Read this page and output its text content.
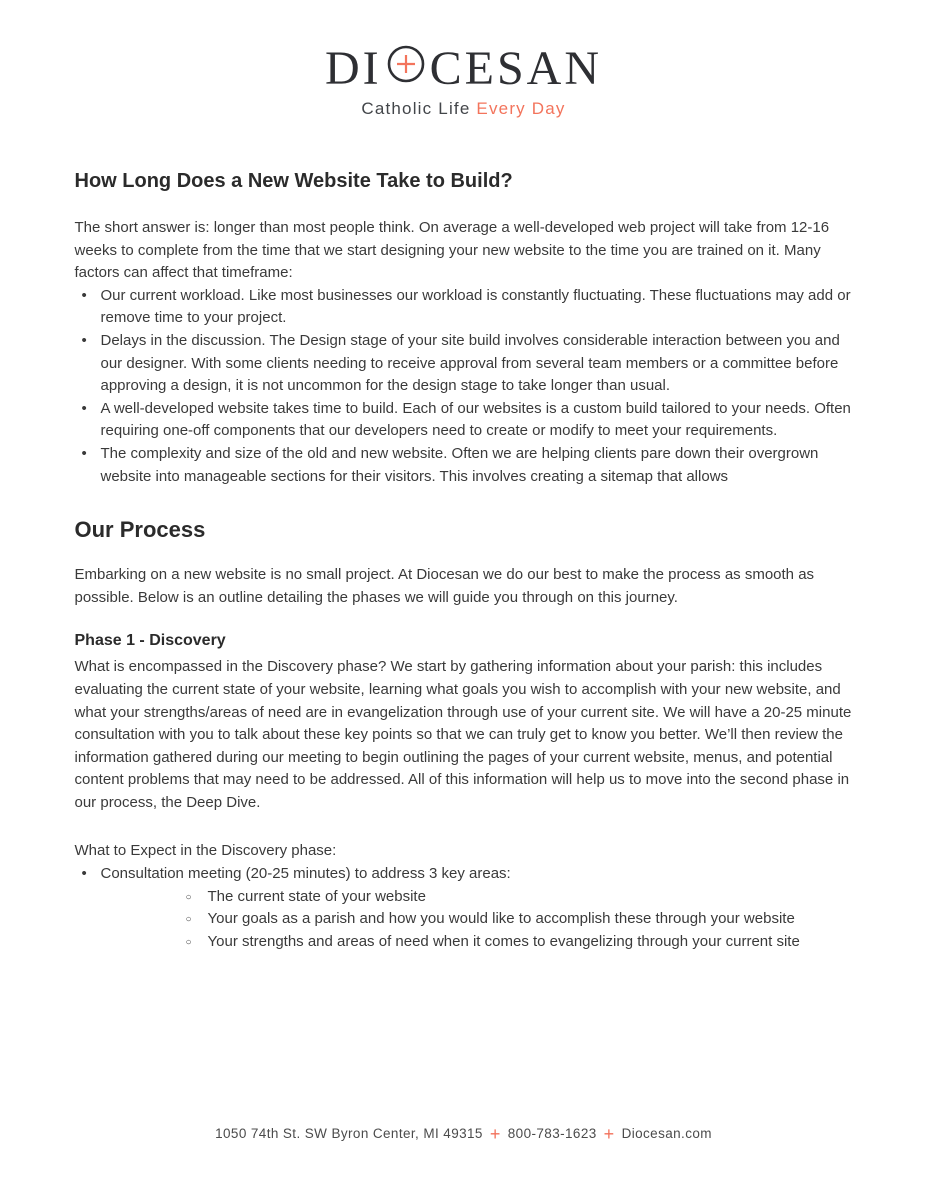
DI CESAN
Catholic Life Every Day
How Long Does a New Website Take to Build?

The short answer is: longer than most people think. On average a well-developed web project will take from 12-16 weeks to complete from the time that we start designing your new website to the time you are trained on it. Many factors can affect that timeframe:

• Our current workload. Like most businesses our workload is constantly fluctuating. These fluctuations may add or remove time to your project.
• Delays in the discussion. The Design stage of your site build involves considerable interaction between you and our designer. With some clients needing to receive approval from several team members or a committee before approving a design, it is not uncommon for the design stage to take longer than usual.
• A well-developed website takes time to build. Each of our websites is a custom build tailored to your needs. Often requiring one-off components that our developers need to create or modify to meet your requirements.
• The complexity and size of the old and new website. Often we are helping clients pare down their overgrown website into manageable sections for their visitors. This involves creating a sitemap that allows
Our Process

Embarking on a new website is no small project. At Diocesan we do our best to make the process as smooth as possible. Below is an outline detailing the phases we will guide you through on this journey.

Phase 1 - Discovery

What is encompassed in the Discovery phase? We start by gathering information about your parish: this includes evaluating the current state of your website, learning what goals you wish to accomplish with your new website, and what your strengths/areas of need are in evangelization through use of your current site. We will have a 20-25 minute consultation with you to talk about these key points so that we can truly get to know you better. We’ll then review the information gathered during our meeting to begin outlining the pages of your current website, menus, and potential content problems that may need to be addressed. All of this information will help us to move into the second phase in our process, the Deep Dive.

What to Expect in the Discovery phase:

• Consultation meeting (20-25 minutes) to address 3 key areas:
○ The current state of your website
○ Your goals as a parish and how you would like to accomplish these through your website
○ Your strengths and areas of need when it comes to evangelizing through your current site
1050 74th St. SW Byron Center, MI 49315 + 800-783-1623 + Diocesan.com
